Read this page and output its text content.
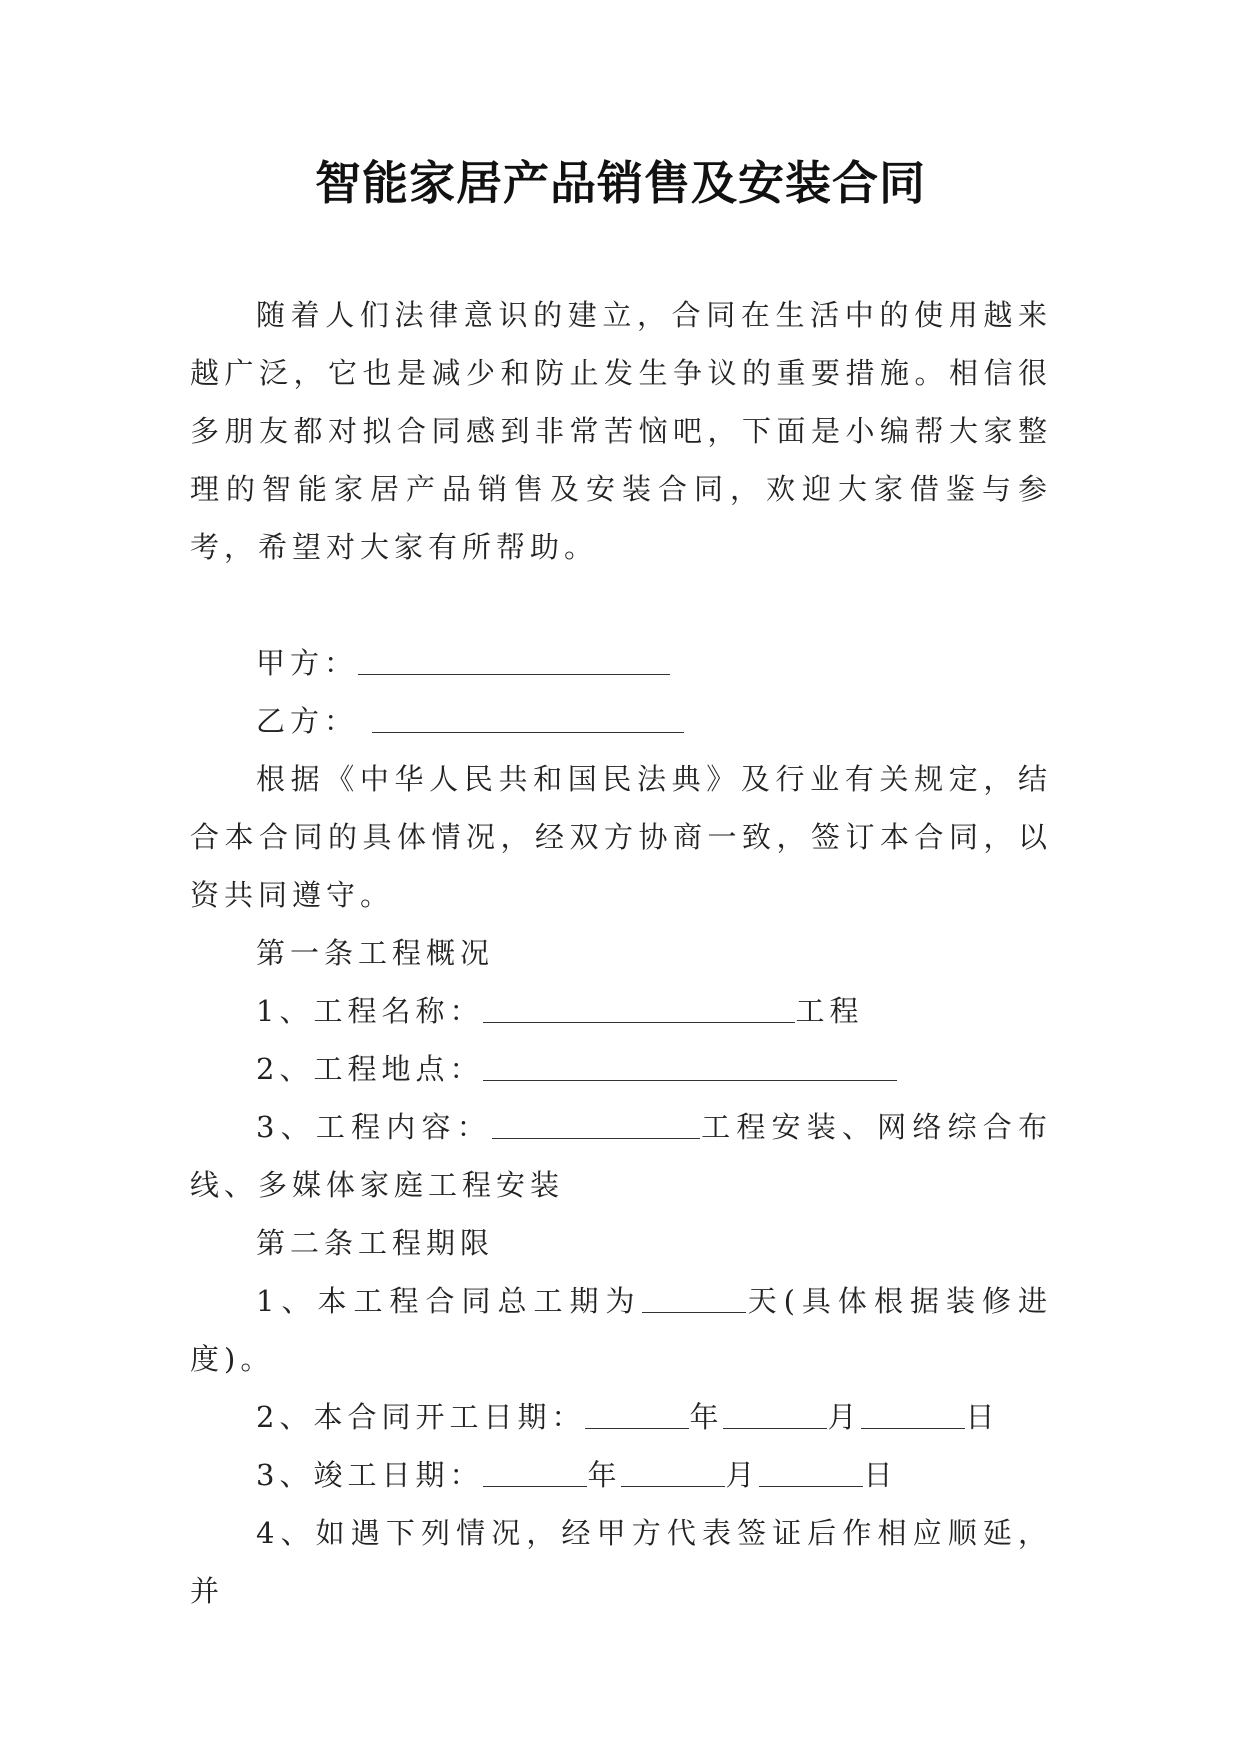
智能家居产品销售及安装合同

随着人们法律意识的建立，合同在生活中的使用越来越广泛，它也是减少和防止发生争议的重要措施。相信很多朋友都对拟合同感到非常苦恼吧，下面是小编帮大家整理的智能家居产品销售及安装合同，欢迎大家借鉴与参考，希望对大家有所帮助。

甲方：

乙方：

根据《中华人民共和国民法典》及行业有关规定，结合本合同的具体情况，经双方协商一致，签订本合同，以资共同遵守。

第一条工程概况

1、工程名称：	工程

2、工程地点：

3、工程内容：	工程安装、网络综合布线、多媒体家庭工程安装

第二条工程期限

1、本工程合同总工期为	天(具体根据装修进度)。

2、本合同开工日期：	年	月	日

3、竣工日期：	年	月	日

4、如遇下列情况，经甲方代表签证后作相应顺延，并
